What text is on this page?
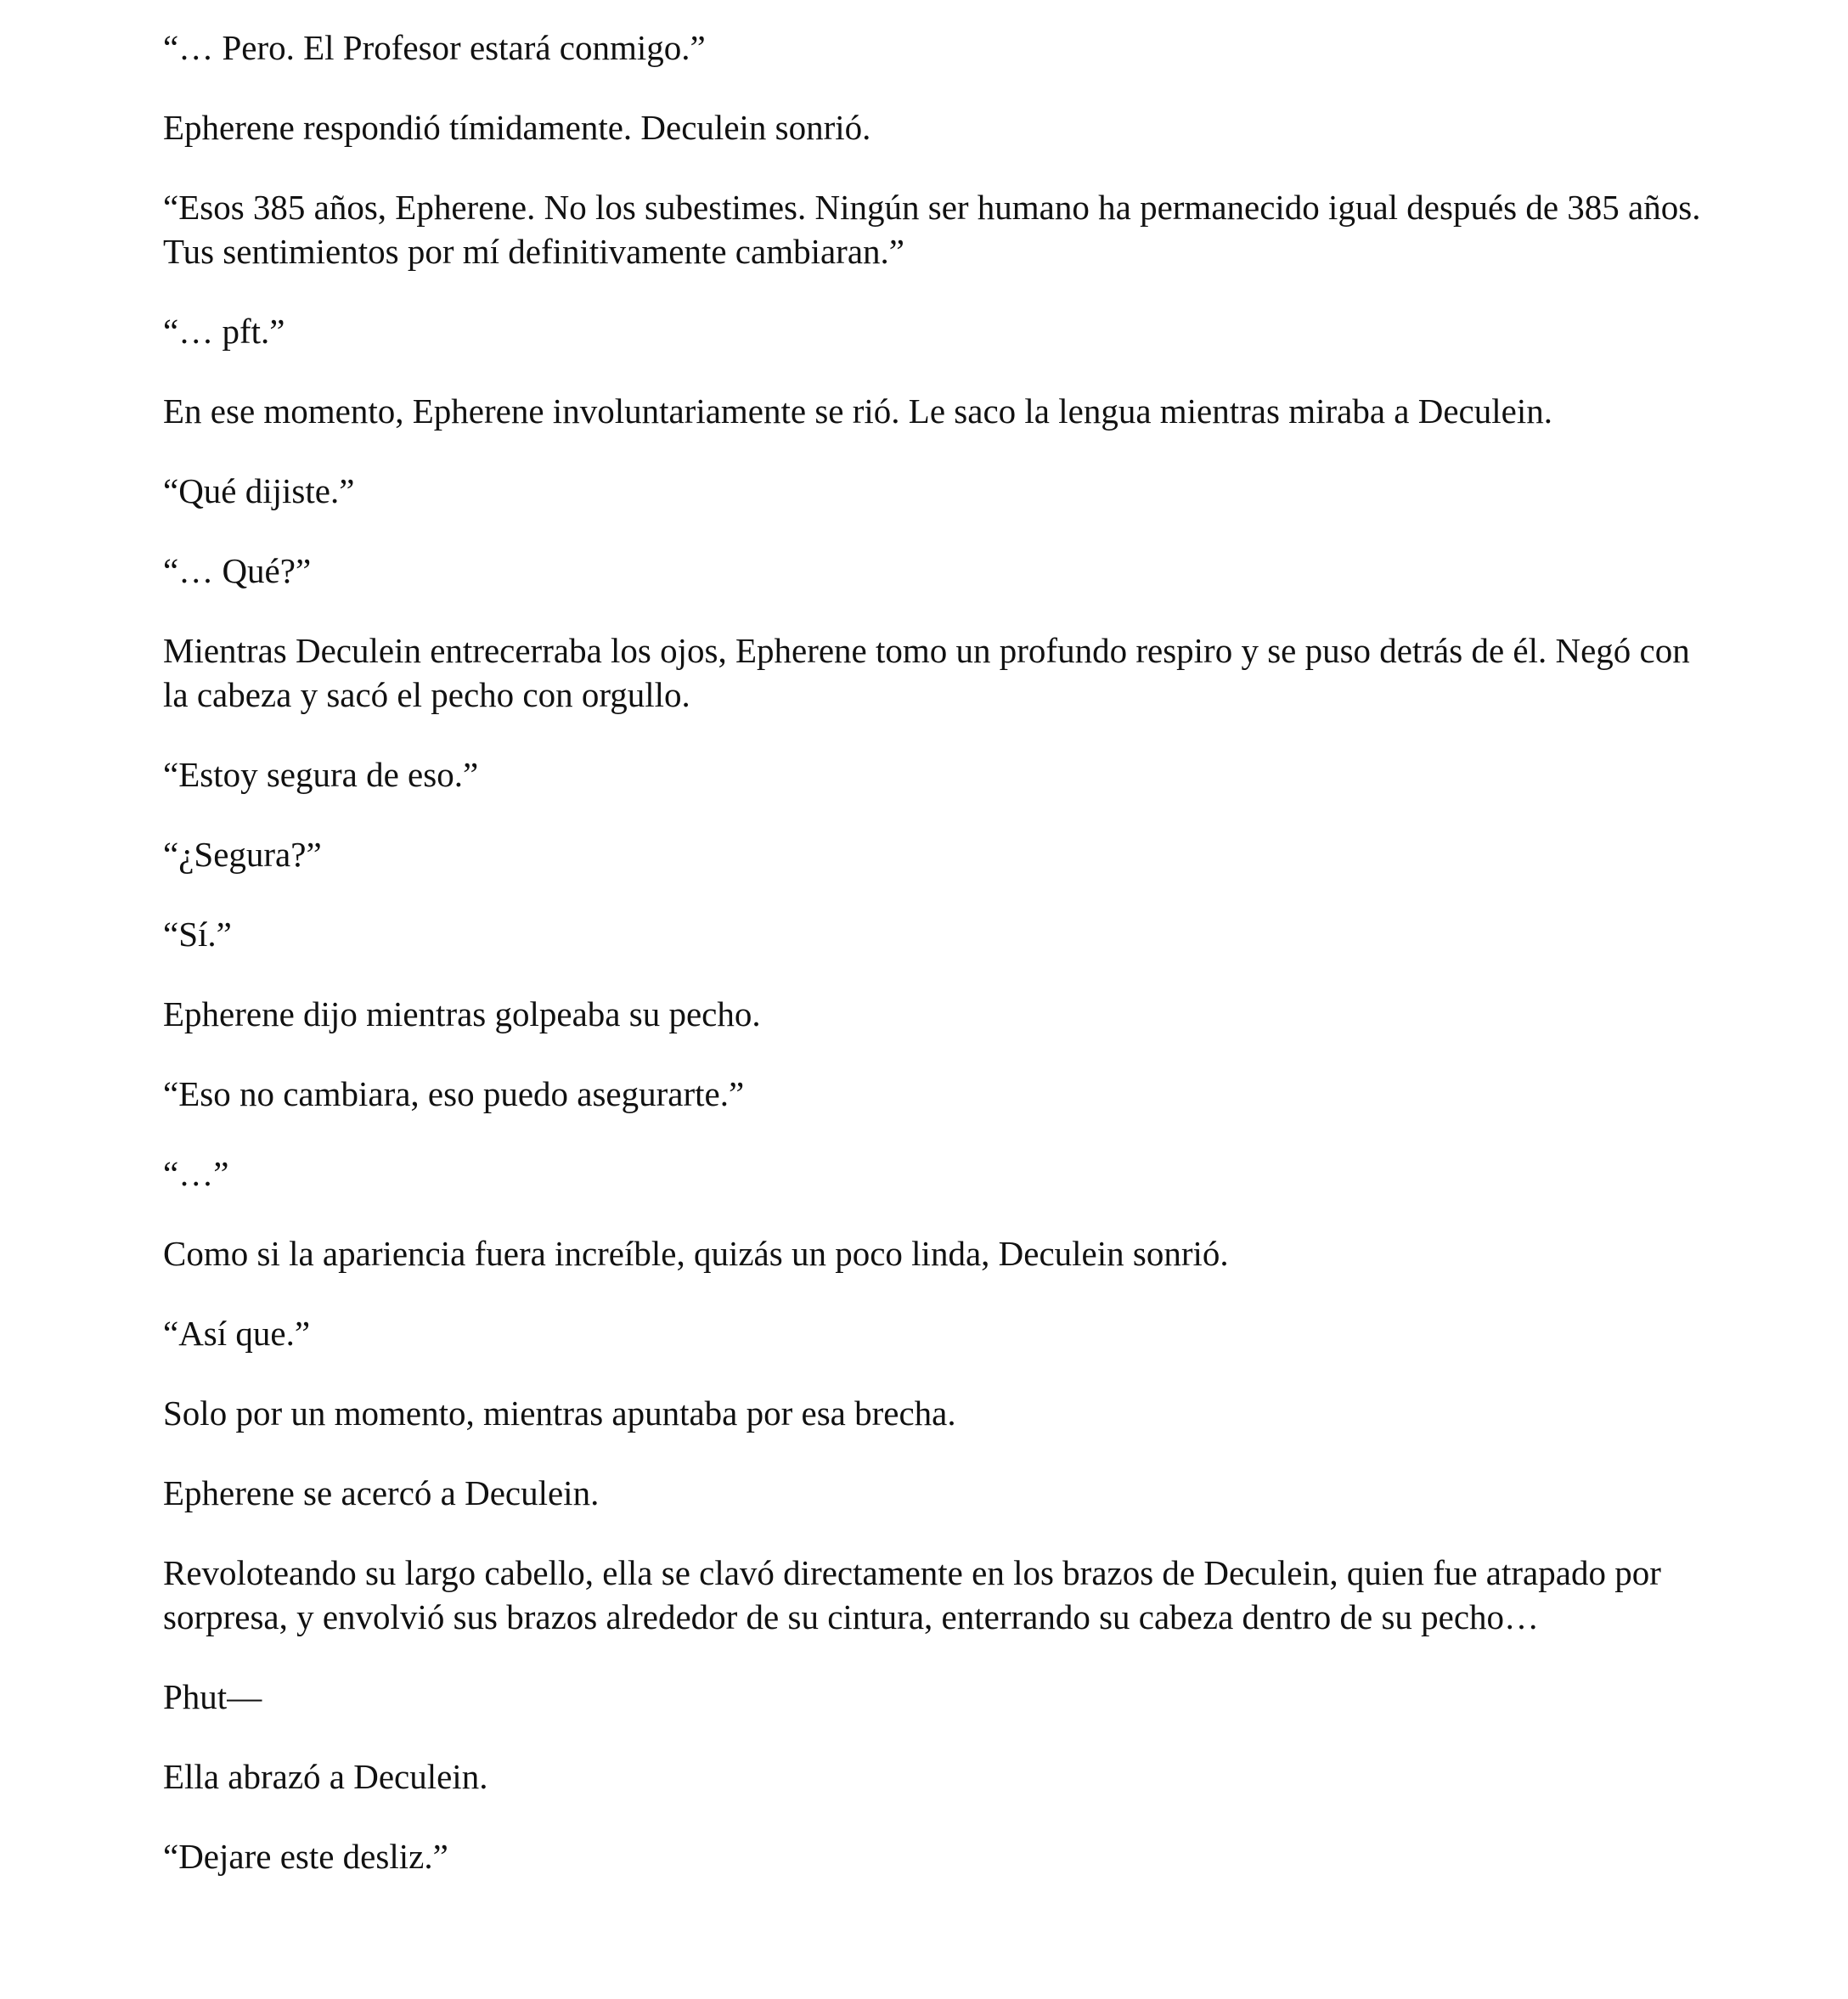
“… Pero. El Profesor estará conmigo.”

Epherene respondió tímidamente. Deculein sonrió.

“Esos 385 años, Epherene. No los subestimes. Ningún ser humano ha permanecido igual después de 385 años. Tus sentimientos por mí definitivamente cambiaran.”

“… pft.”

En ese momento, Epherene involuntariamente se rió. Le saco la lengua mientras miraba a Deculein.

“Qué dijiste.”

“… Qué?”

Mientras Deculein entrecerraba los ojos, Epherene tomo un profundo respiro y se puso detrás de él. Negó con la cabeza y sacó el pecho con orgullo.

“Estoy segura de eso.”

“¿Segura?”

“Sí.”

Epherene dijo mientras golpeaba su pecho.

“Eso no cambiara, eso puedo asegurarte.”

“…”

Como si la apariencia fuera increíble, quizás un poco linda, Deculein sonrió.

“Así que.”

Solo por un momento, mientras apuntaba por esa brecha.

Epherene se acercó a Deculein.

Revoloteando su largo cabello, ella se clavó directamente en los brazos de Deculein, quien fue atrapado por sorpresa, y envolvió sus brazos alrededor de su cintura, enterrando su cabeza dentro de su pecho…

Phut—

Ella abrazó a Deculein.

“Dejare este desliz.”
